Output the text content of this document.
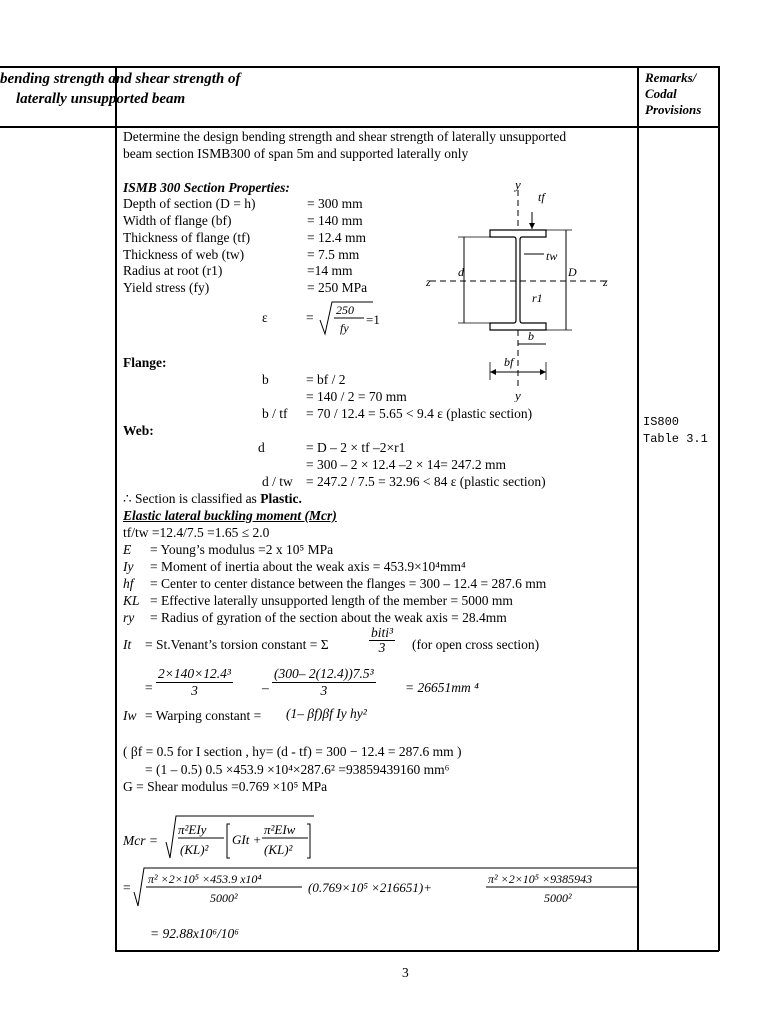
bending strength and shear strength of
laterally unsupported beam
Remarks/
Codal
Provisions
Determine the design bending strength and shear strength of laterally unsupported
beam section ISMB300 of span 5m and supported laterally only
ISMB 300 Section Properties:
Depth of section (D = h)	= 300 mm
Width of flange (bf)	= 140 mm
Thickness of flange (tf)	= 12.4 mm
Thickness of web (tw)	= 7.5 mm
Radius at root (r1)	=14 mm
Yield stress (fy)	= 250 MPa
ε	= 250
fy
=1
y
y
z	z
tf
tw
d	D
r1
b
bf
Flange:
b	= bf / 2
= 140 / 2 = 70 mm
b / tf = 70 / 12.4 = 5.65 < 9.4 ε (plastic section)
Web:
d	= D – 2 × tf –2×r1
= 300 – 2 × 12.4 –2 × 14= 247.2 mm
d / tw = 247.2 / 7.5 = 32.96 < 84 ε (plastic section)
∴ Section is classified as Plastic.
IS800
Table 3.1
Elastic lateral buckling moment (Mcr)
tf/tw =12.4/7.5 =1.65 ≤ 2.0
E = Young’s modulus =2 x 10⁵ MPa
Iy = Moment of inertia about the weak axis = 453.9×10⁴mm⁴
hf = Center to center distance between the flanges = 300 – 12.4 = 287.6 mm
KL = Effective laterally unsupported length of the member = 5000 mm
ry = Radius of gyration of the section about the weak axis = 28.4mm
It = St.Venant’s torsion constant = Σ	$\frac{\text{biti³}}{3} (for$ open cross section)
= $\frac{\text{2×140×12.4³}}{3} - \frac{\text{(300– 2(12.4))7.5³}}{3} = 26651mm$ ⁴
Iw = Warping constant = (1– βf)βf Iy hy²
( βf = 0.5 for I section , hy= (d - tf) = 300 − 12.4 = 287.6 mm )
= (1 – 0.5) 0.5 ×453.9 ×10⁴×287.6² =93859439160 mm⁶
G = Shear modulus =0.769 ×10⁵ MPa
Mcr =
π²EIy
(KL)²
GIt +
π²EIw
(KL)²
=
π² ×2×10⁵ ×453.9 x10⁴
5000²
(0.769×10⁵ ×216651)+
π² ×2×10⁵ ×9385943
5000²
= 92.88x10⁶/10⁶
3
